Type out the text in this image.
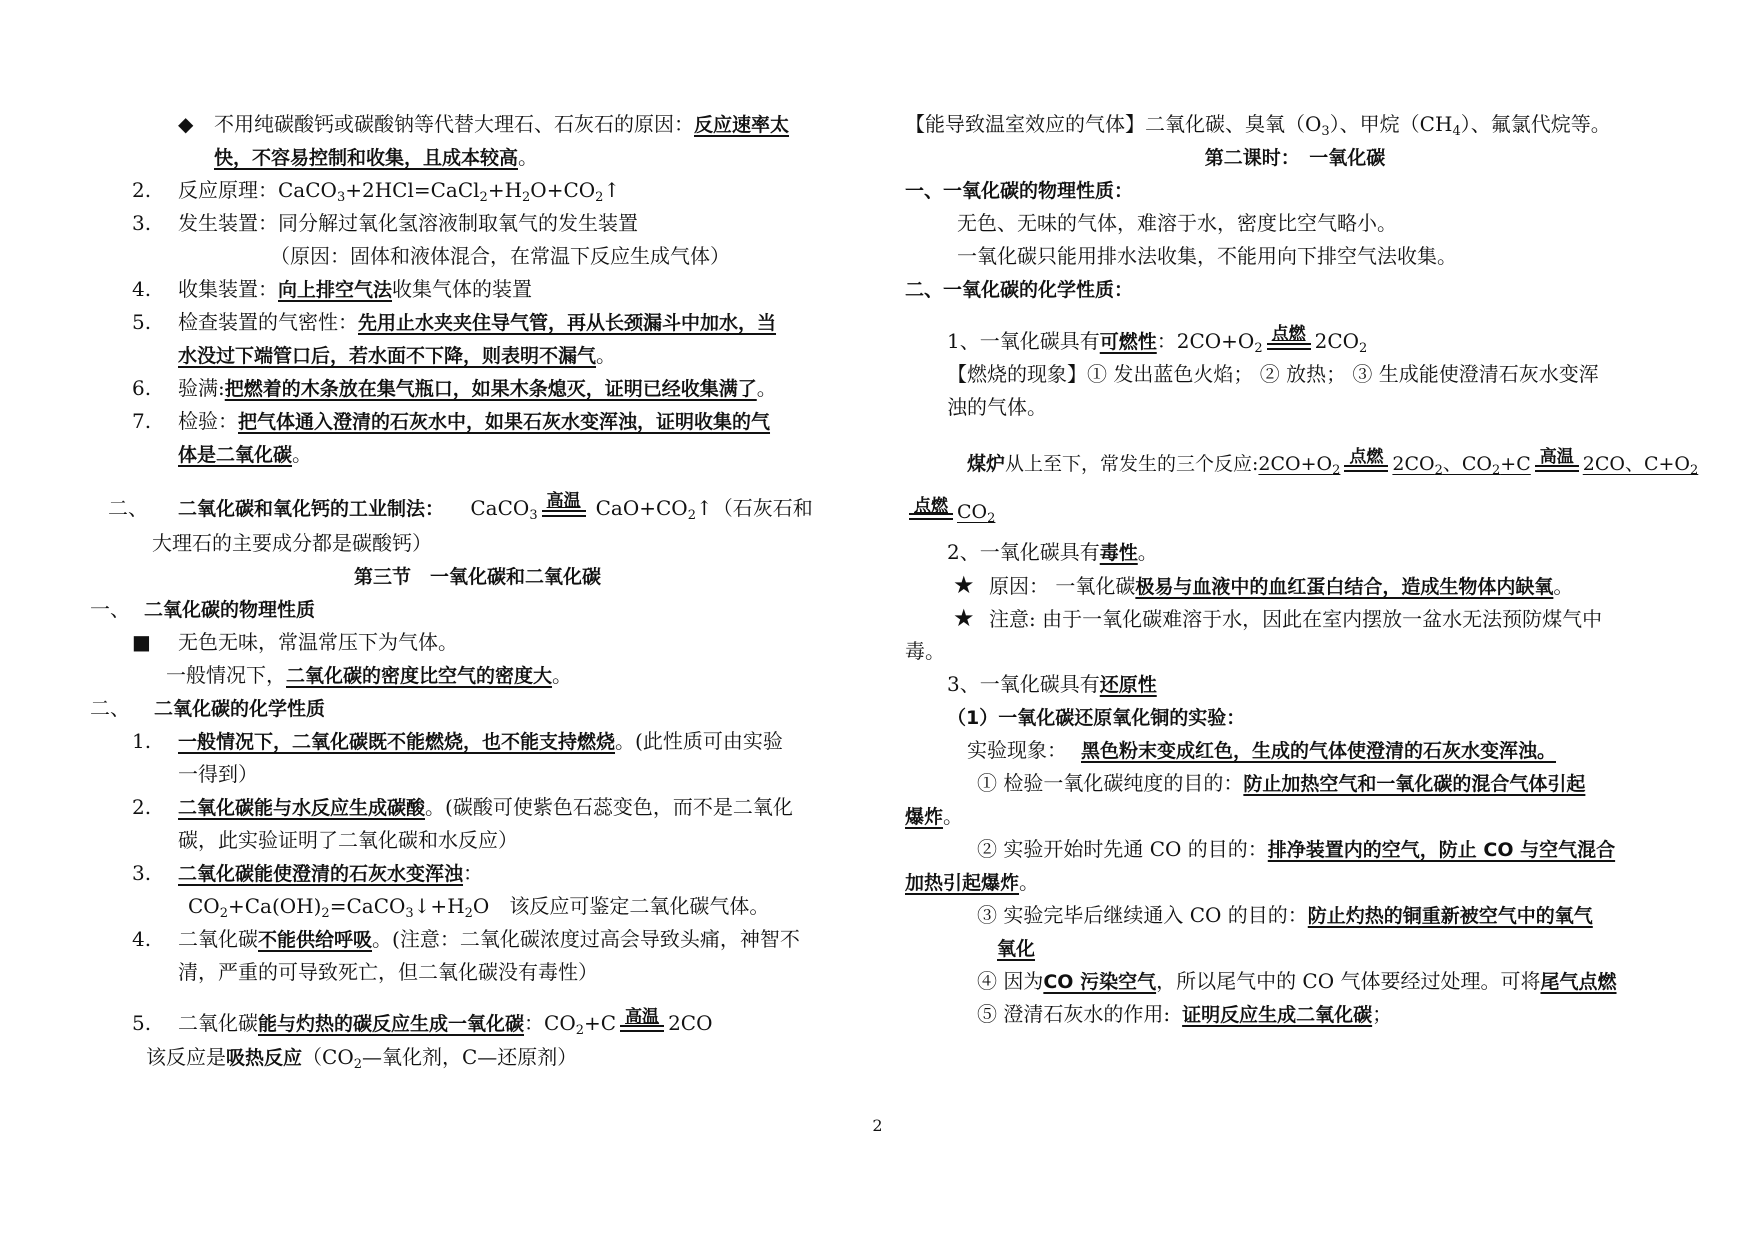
◆ 不用纯碳酸钙或碳酸钠等代替大理石、石灰石的原因：反应速率太
快，不容易控制和收集，且成本较高。
2. 反应原理：$CaCO_3+2HCl=CaCl_2+H_2O+CO_2↑$
3. 发生装置：同分解过氧化氢溶液制取氧气的发生装置
（原因：固体和液体混合，在常温下反应生成气体）
4. 收集装置：向上排空气法收集气体的装置
5. 检查装置的气密性：先用止水夹夹住导气管，再从长颈漏斗中加水，当
水没过下端管口后，若水面不下降，则表明不漏气。
6. 验满:把燃着的木条放在集气瓶口，如果木条熄灭，证明已经收集满了。
7. 检验：把气体通入澄清的石灰水中，如果石灰水变浑浊，证明收集的气
体是二氧化碳。
二、 二氧化碳和氧化钙的工业制法： CaCO$_3$
高温 $CaO+CO_2↑$（石灰石和
大理石的主要成分都是碳酸钙）
第三节　一氧化碳和二氧化碳
一、 二氧化碳的物理性质
■ 无色无味，常温常压下为气体。
一般情况下，二氧化碳的密度比空气的密度大。
二、 二氧化碳的化学性质
1. 一般情况下，二氧化碳既不能燃烧，也不能支持燃烧。(此性质可由实验
一得到）
2. 二氧化碳能与水反应生成碳酸。(碳酸可使紫色石蕊变色，而不是二氧化
碳，此实验证明了二氧化碳和水反应）
3. 二氧化碳能使澄清的石灰水变浑浊：
$CO_2+Ca(OH)_2=CaCO_3↓+H_2O$　该反应可鉴定二氧化碳气体。
4. 二氧化碳不能供给呼吸。(注意：二氧化碳浓度过高会导致头痛，神智不
清，严重的可导致死亡，但二氧化碳没有毒性）
5. 二氧化碳能与灼热的碳反应生成一氧化碳：$CO_2+C$ 高温 2CO
该反应是吸热反应（$CO_2—$氧化剂，C—还原剂）
【能导致温室效应的气体】二氧化碳、臭氧$(O_3)$、甲烷$(CH_4)$、氟氯代烷等。
第二课时：　一氧化碳
一、一氧化碳的物理性质：
无色、无味的气体，难溶于水，密度比空气略小。
一氧化碳只能用排水法收集，不能用向下排空气法收集。
二、一氧化碳的化学性质：
1、一氧化碳具有可燃性：$2CO+O_2$
点燃 $2CO_2$
【燃烧的现象】① 发出蓝色火焰； ② 放热； ③ 生成能使澄清石灰水变浑
浊的气体。
煤炉从上至下，常发生的三个反应$:2CO+O_2$
点燃 $2CO_2$、$CO_2+C$ 高温 2CO、$C+O_2$
点燃 $CO_2$
2、一氧化碳具有毒性。
★ 原因： 一氧化碳极易与血液中的血红蛋白结合，造成生物体内缺氧。
★ 注意: 由于一氧化碳难溶于水，因此在室内摆放一盆水无法预防煤气中
毒。
3、一氧化碳具有还原性
（1）一氧化碳还原氧化铜的实验：
实验现象： 黑色粉末变成红色，生成的气体使澄清的石灰水变浑浊。
① 检验一氧化碳纯度的目的：防止加热空气和一氧化碳的混合气体引起
爆炸。
② 实验开始时先通 CO 的目的：排净装置内的空气，防止 CO 与空气混合
加热引起爆炸。
③ 实验完毕后继续通入 CO 的目的：防止灼热的铜重新被空气中的氧气
氧化
④ 因为CO 污染空气，所以尾气中的 CO 气体要经过处理。可将尾气点燃
⑤ 澄清石灰水的作用: 证明反应生成二氧化碳；
2
